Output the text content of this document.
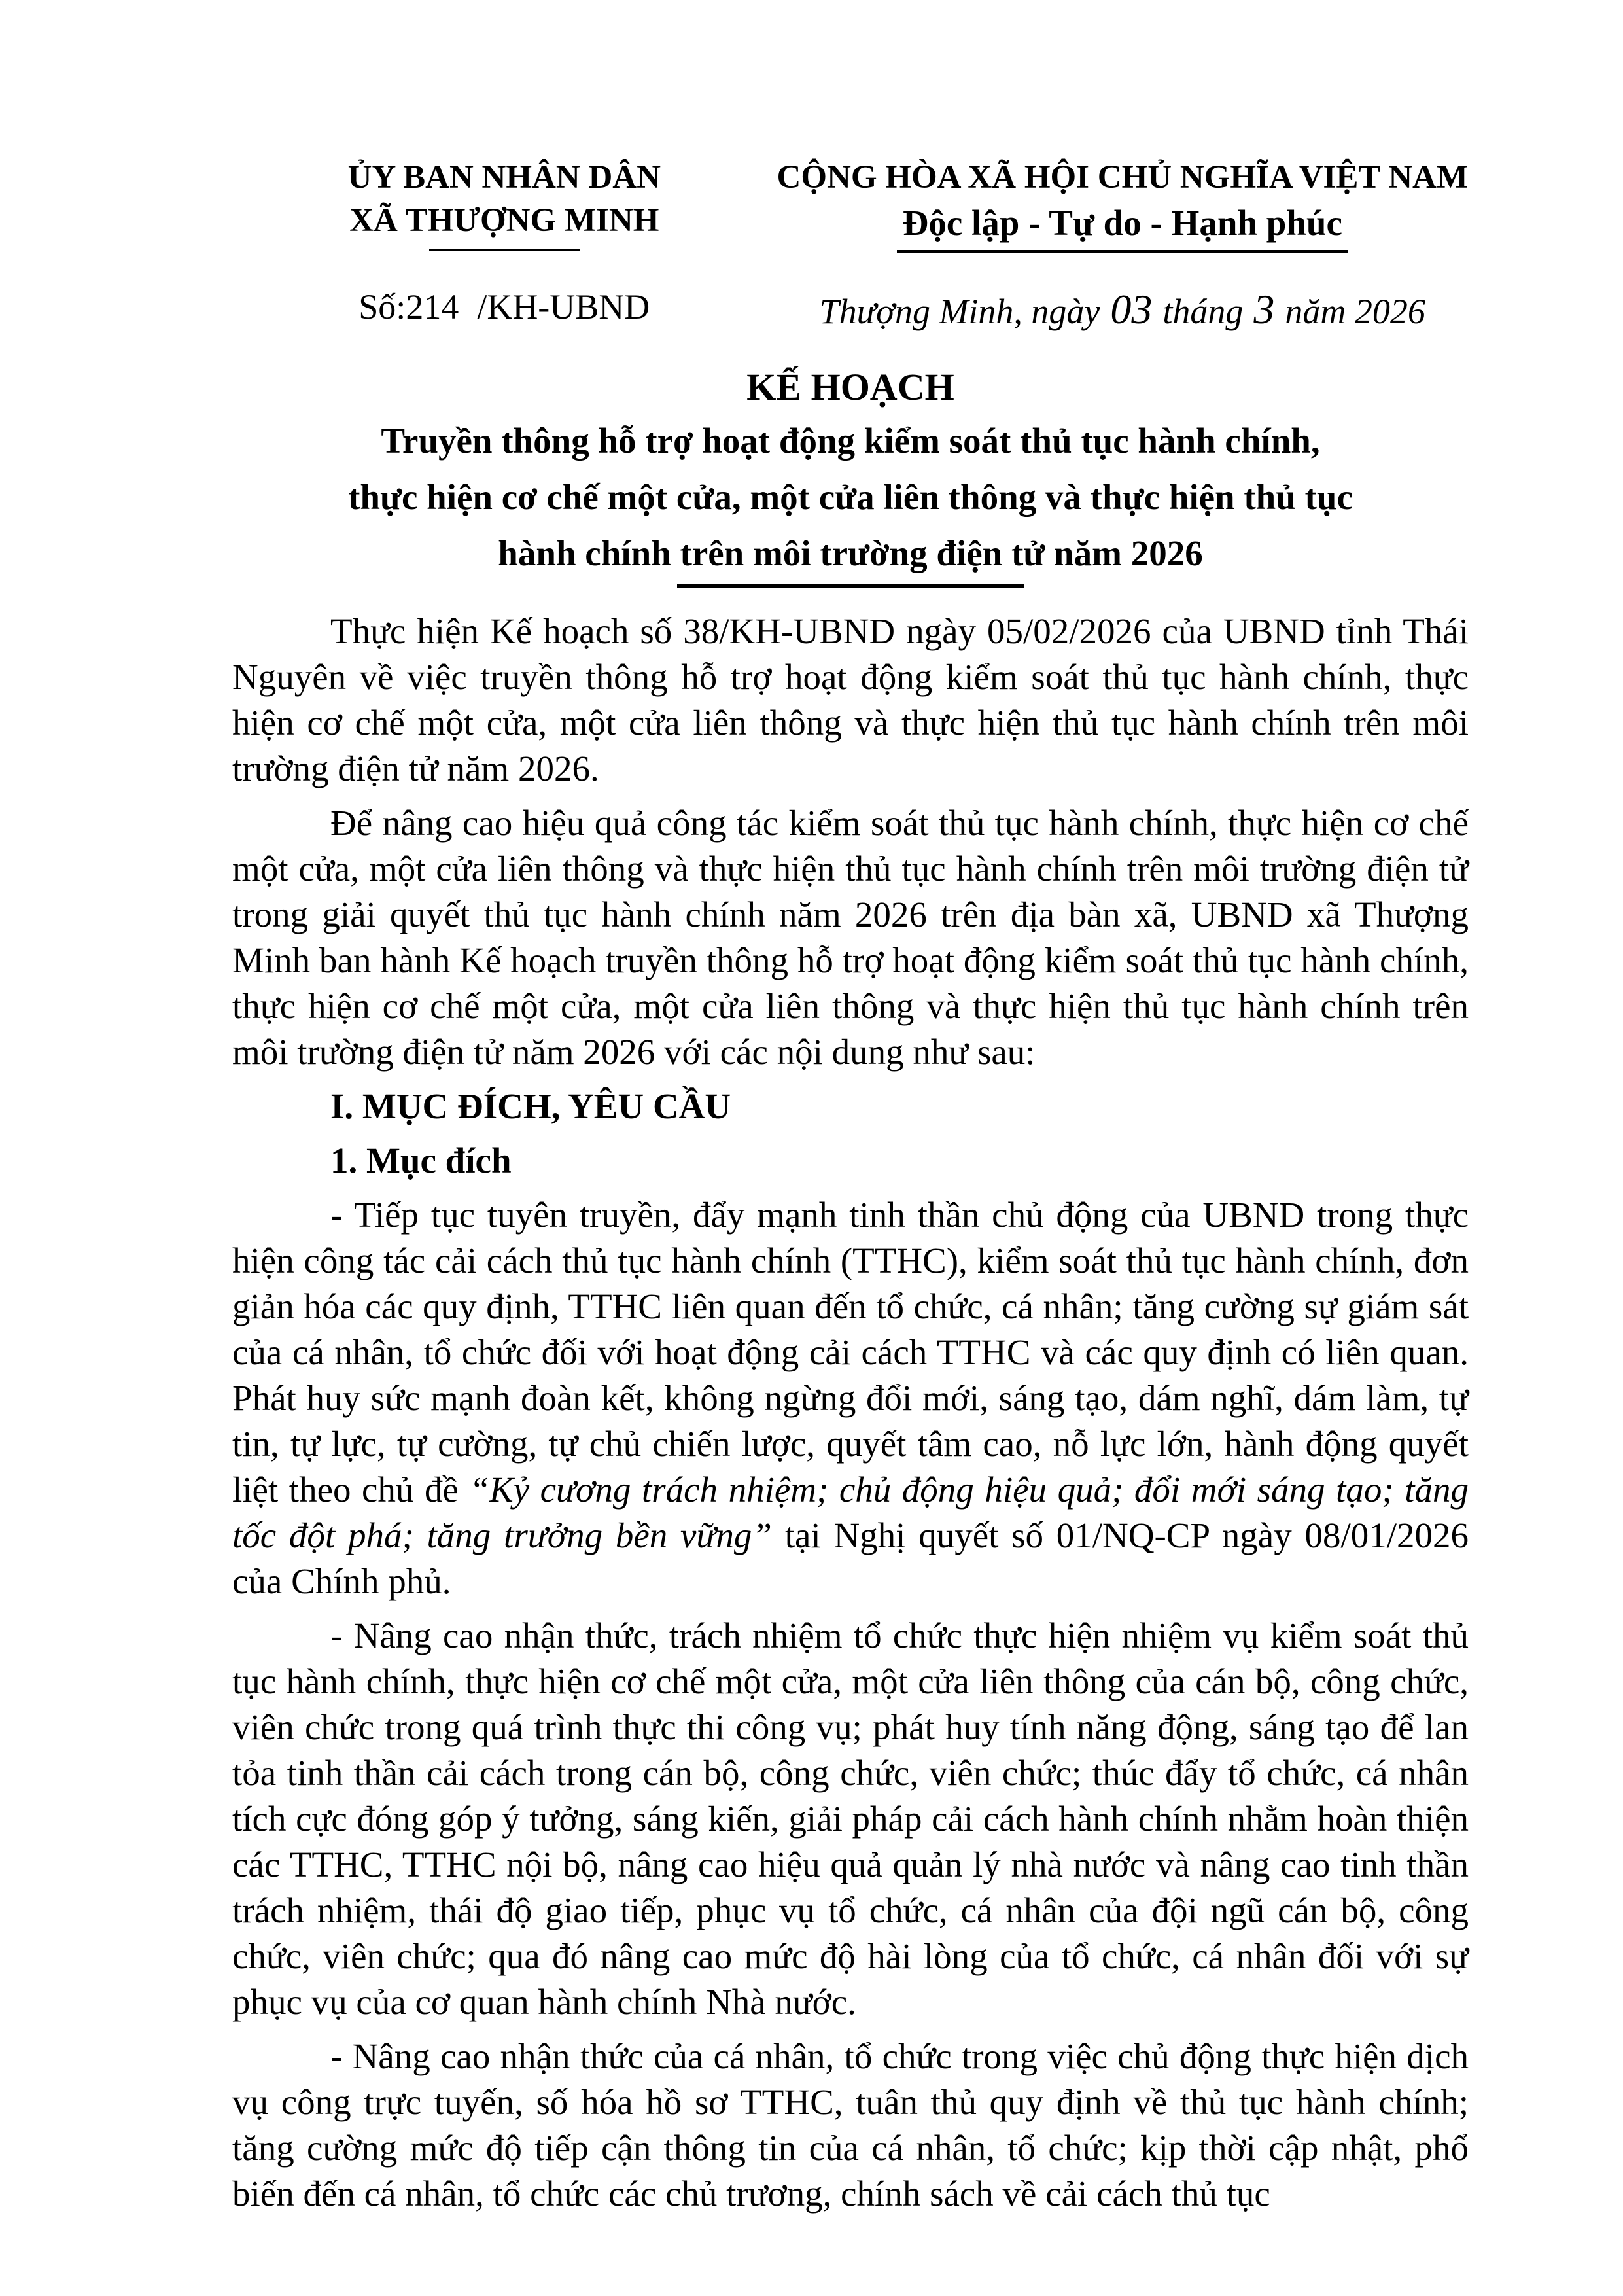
ỦY BAN NHÂN DÂN
XÃ THƯỢNG MINH
Số:214 /KH-UBND
CỘNG HÒA XÃ HỘI CHỦ NGHĨA VIỆT NAM
Độc lập - Tự do - Hạnh phúc
Thượng Minh, ngày 03 tháng 3 năm 2026
KẾ HOẠCH
Truyền thông hỗ trợ hoạt động kiểm soát thủ tục hành chính,
thực hiện cơ chế một cửa, một cửa liên thông và thực hiện thủ tục
hành chính trên môi trường điện tử năm 2026

Thực hiện Kế hoạch số 38/KH-UBND ngày 05/02/2026 của UBND tỉnh Thái Nguyên về việc truyền thông hỗ trợ hoạt động kiểm soát thủ tục hành chính, thực hiện cơ chế một cửa, một cửa liên thông và thực hiện thủ tục hành chính trên môi trường điện tử năm 2026.

Để nâng cao hiệu quả công tác kiểm soát thủ tục hành chính, thực hiện cơ chế một cửa, một cửa liên thông và thực hiện thủ tục hành chính trên môi trường điện tử trong giải quyết thủ tục hành chính năm 2026 trên địa bàn xã, UBND xã Thượng Minh ban hành Kế hoạch truyền thông hỗ trợ hoạt động kiểm soát thủ tục hành chính, thực hiện cơ chế một cửa, một cửa liên thông và thực hiện thủ tục hành chính trên môi trường điện tử năm 2026 với các nội dung như sau:

I. MỤC ĐÍCH, YÊU CẦU

1. Mục đích

- Tiếp tục tuyên truyền, đẩy mạnh tinh thần chủ động của UBND trong thực hiện công tác cải cách thủ tục hành chính (TTHC), kiểm soát thủ tục hành chính, đơn giản hóa các quy định, TTHC liên quan đến tổ chức, cá nhân; tăng cường sự giám sát của cá nhân, tổ chức đối với hoạt động cải cách TTHC và các quy định có liên quan. Phát huy sức mạnh đoàn kết, không ngừng đổi mới, sáng tạo, dám nghĩ, dám làm, tự tin, tự lực, tự cường, tự chủ chiến lược, quyết tâm cao, nỗ lực lớn, hành động quyết liệt theo chủ đề “Kỷ cương trách nhiệm; chủ động hiệu quả; đổi mới sáng tạo; tăng tốc đột phá; tăng trưởng bền vững” tại Nghị quyết số 01/NQ-CP ngày 08/01/2026 của Chính phủ.

- Nâng cao nhận thức, trách nhiệm tổ chức thực hiện nhiệm vụ kiểm soát thủ tục hành chính, thực hiện cơ chế một cửa, một cửa liên thông của cán bộ, công chức, viên chức trong quá trình thực thi công vụ; phát huy tính năng động, sáng tạo để lan tỏa tinh thần cải cách trong cán bộ, công chức, viên chức; thúc đẩy tổ chức, cá nhân tích cực đóng góp ý tưởng, sáng kiến, giải pháp cải cách hành chính nhằm hoàn thiện các TTHC, TTHC nội bộ, nâng cao hiệu quả quản lý nhà nước và nâng cao tinh thần trách nhiệm, thái độ giao tiếp, phục vụ tổ chức, cá nhân của đội ngũ cán bộ, công chức, viên chức; qua đó nâng cao mức độ hài lòng của tổ chức, cá nhân đối với sự phục vụ của cơ quan hành chính Nhà nước.

- Nâng cao nhận thức của cá nhân, tổ chức trong việc chủ động thực hiện dịch vụ công trực tuyến, số hóa hồ sơ TTHC, tuân thủ quy định về thủ tục hành chính; tăng cường mức độ tiếp cận thông tin của cá nhân, tổ chức; kịp thời cập nhật, phổ biến đến cá nhân, tổ chức các chủ trương, chính sách về cải cách thủ tục
